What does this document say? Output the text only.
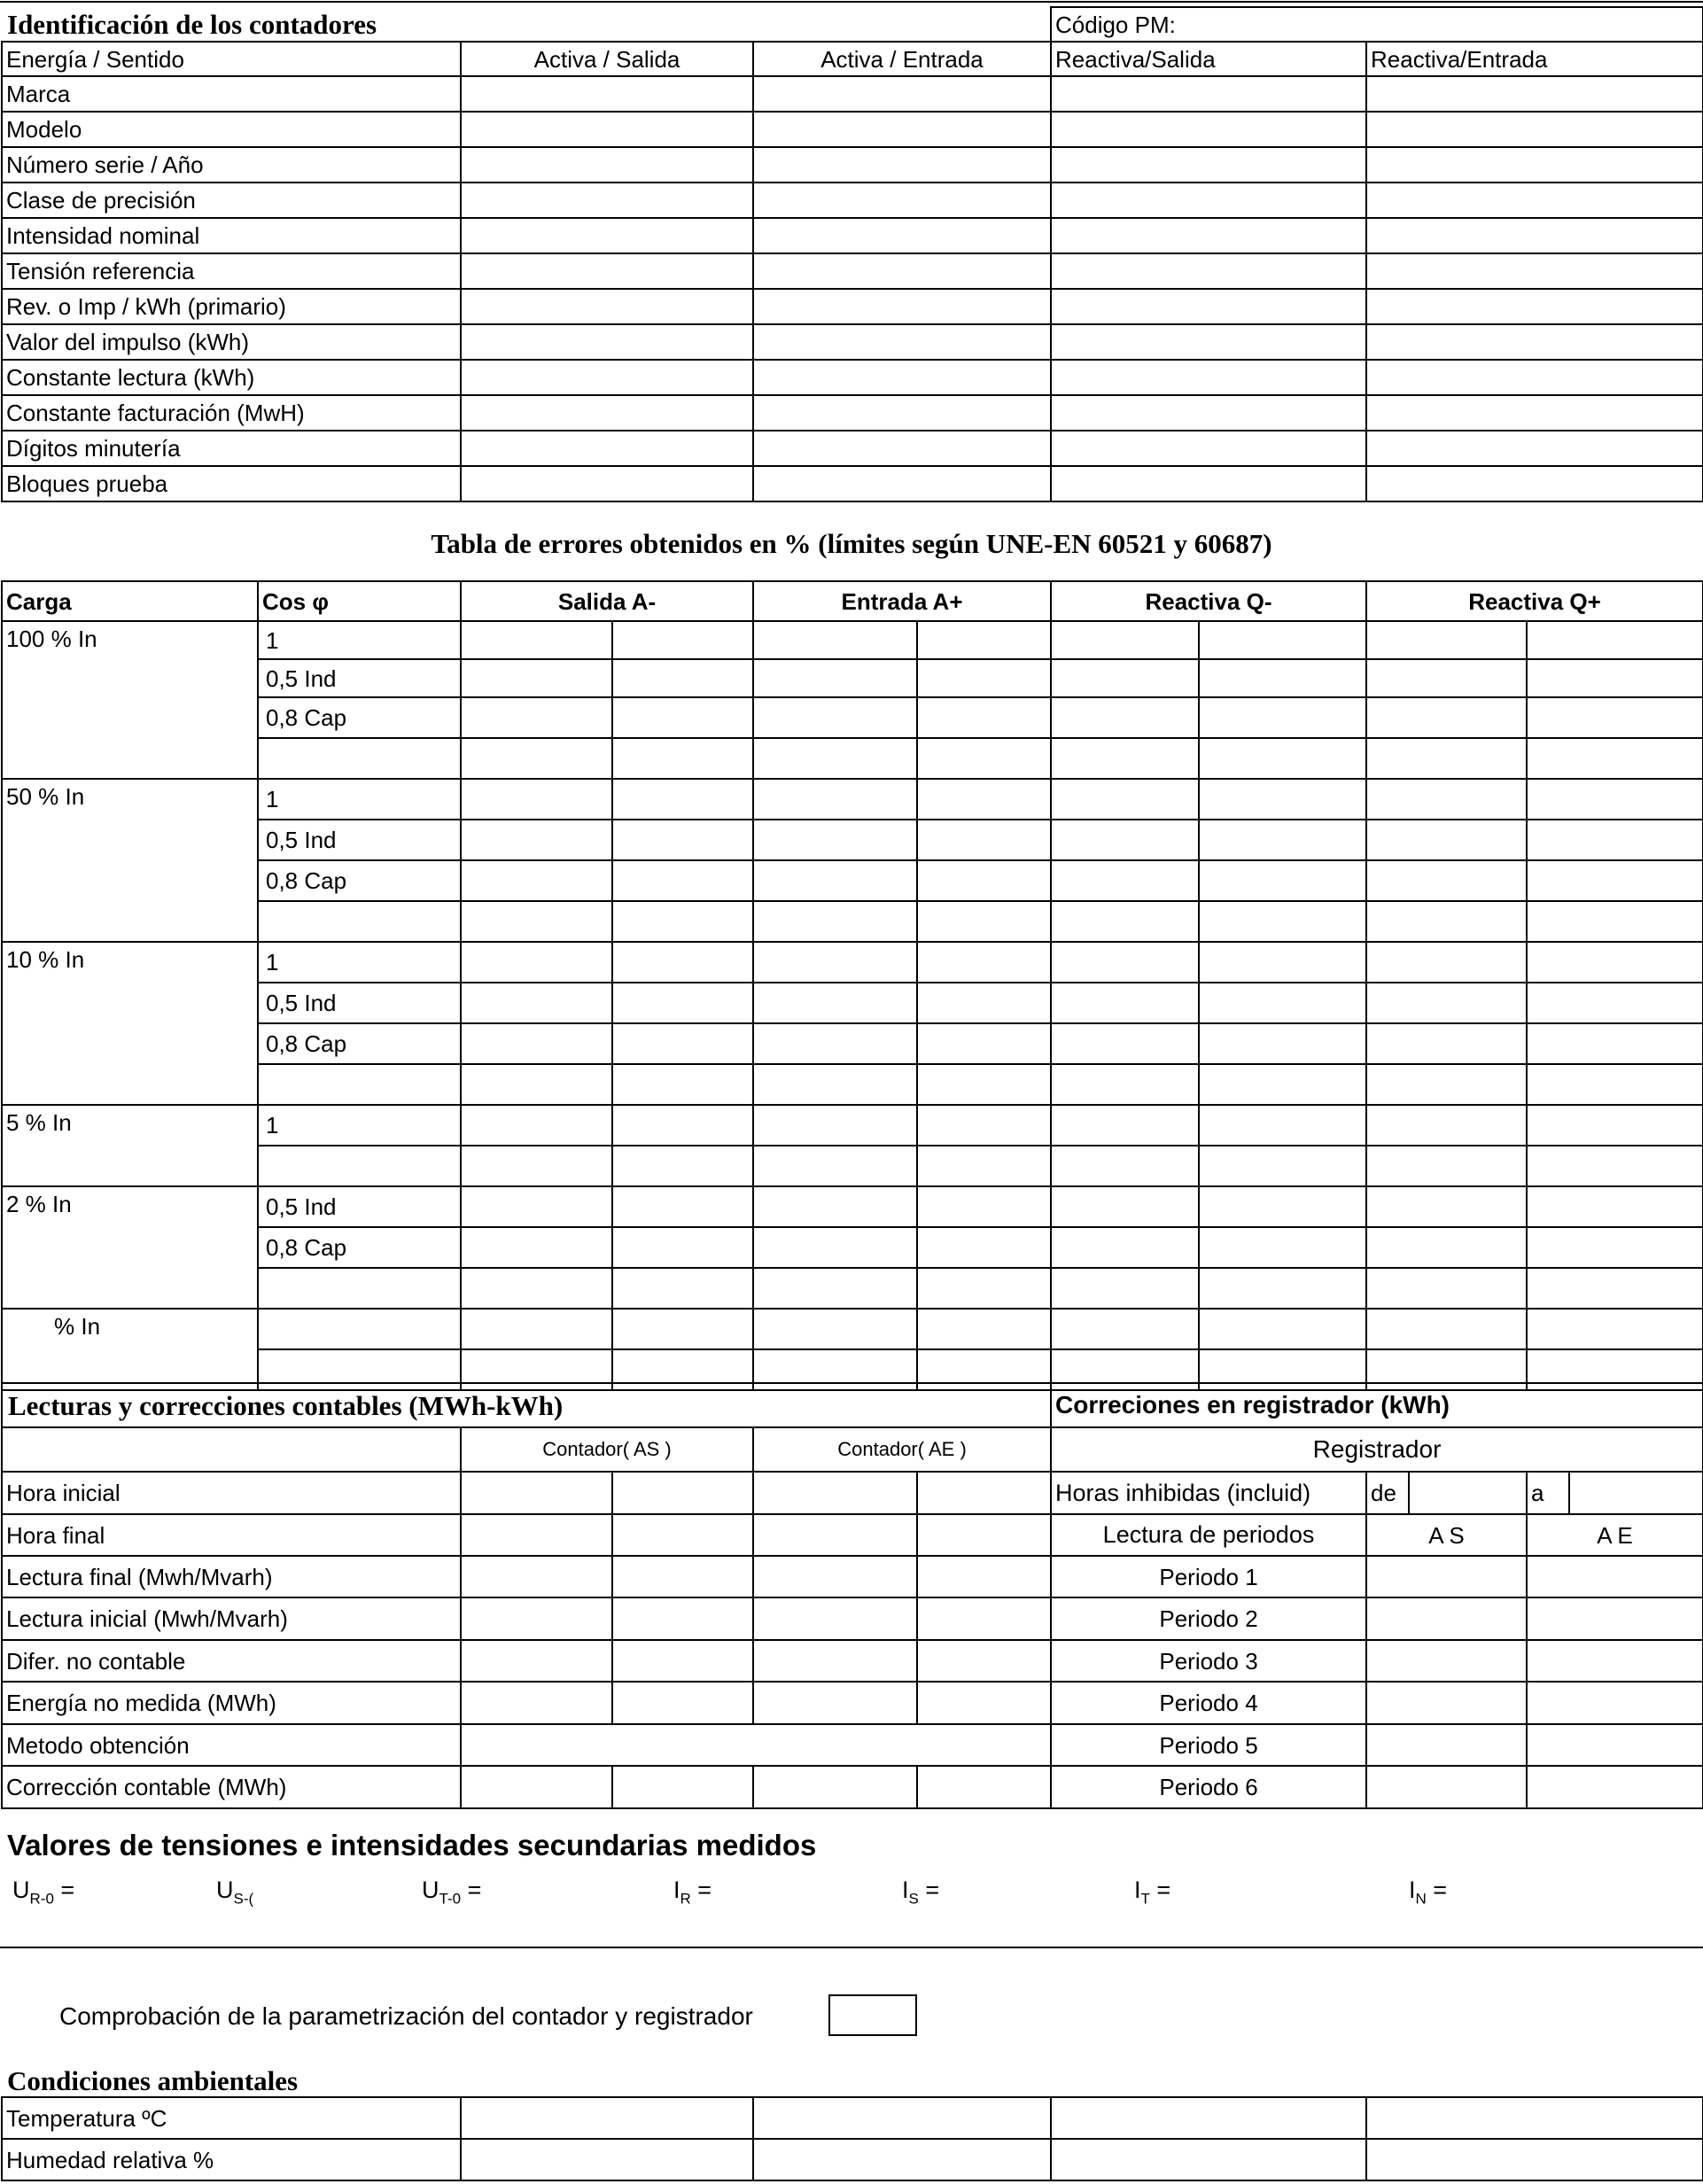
Identificación de los contadores
			Código PM:	
Energía / Sentido	Activa / Salida	Activa / Entrada	Reactiva/Salida	Reactiva/Entrada
Marca				
Modelo				
Número serie / Año				
Clase de precisión				
Intensidad nominal				
Tensión referencia				
Rev. o Imp / kWh (primario)				
Valor del impulso (kWh)				
Constante lectura (kWh)				
Constante facturación (MwH)				
Dígitos minutería				
Bloques prueba				
Tabla de errores obtenidos en % (límites según UNE-EN 60521 y 60687)
Carga	Cos φ	Salida A-		Entrada A+		Reactiva Q-		Reactiva Q+	
100 % In	1								
	0,5 Ind								
	0,8 Cap								

50 % In	1								
	0,5 Ind								
	0,8 Cap								

10 % In	1								
	0,5 Ind								
	0,8 Cap								

5 % In	1								

2 % In	0,5 Ind								
	0,8 Cap								

% In									

Lecturas y correcciones contables (MWh-kWh)					Correciones en registrador (kWh)				
	Contador( AS )		Contador( AE )		Registrador				
Hora inicial					Horas inhibidas (incluid)	de		a	
Hora final					Lectura de periodos	A S		A E	
Lectura final (Mwh/Mvarh)					Periodo 1				
Lectura inicial (Mwh/Mvarh)					Periodo 2				
Difer. no contable					Periodo 3				
Energía no medida (MWh)					Periodo 4				
Metodo obtención					Periodo 5				
Corrección contable (MWh)					Periodo 6				
Valores de tensiones e intensidades secundarias medidos
$U_{R-0}$ =	$U_{S-(}$	$U_{T-0}$ =	$I_R$ =	$I_S$ =	$I_T$ =	$I_N$ =
Comprobación de la parametrización del contador y registrador
Condiciones ambientales
Temperatura ºC				
Humedad relativa %				
